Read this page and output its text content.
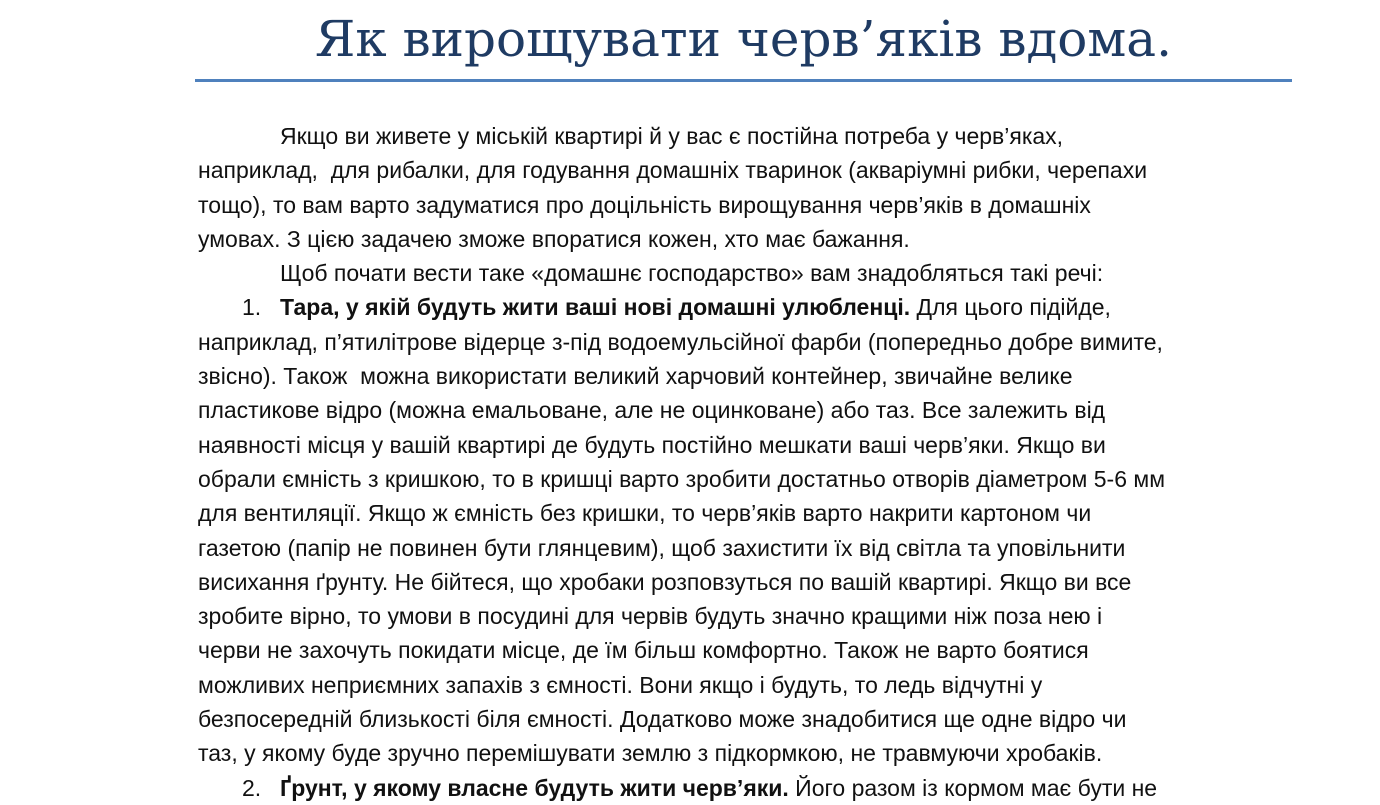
Як вирощувати черв’яків вдома.
Якщо ви живете у міській квартирі й у вас є постійна потреба у черв’яках,
наприклад,  для рибалки, для годування домашніх тваринок (акваріумні рибки, черепахи
тощо), то вам варто задуматися про доцільність вирощування черв’яків в домашніх
умовах. З цією задачею зможе впоратися кожен, хто має бажання.
Щоб почати вести таке «домашнє господарство» вам знадобляться такі речі:
1. Тара, у якій будуть жити ваші нові домашні улюбленці. Для цього підійде,
наприклад, п’ятилітрове відерце з-під водоемульсійної фарби (попередньо добре вимите,
звісно). Також  можна використати великий харчовий контейнер, звичайне велике
пластикове відро (можна емальоване, але не оцинковане) або таз. Все залежить від
наявності місця у вашій квартирі де будуть постійно мешкати ваші черв’яки. Якщо ви
обрали ємність з кришкою, то в кришці варто зробити достатньо отворів діаметром 5-6 мм
для вентиляції. Якщо ж ємність без кришки, то черв’яків варто накрити картоном чи
газетою (папір не повинен бути глянцевим), щоб захистити їх від світла та уповільнити
висихання ґрунту. Не бійтеся, що хробаки розповзуться по вашій квартирі. Якщо ви все
зробите вірно, то умови в посудині для червів будуть значно кращими ніж поза нею і
черви не захочуть покидати місце, де їм більш комфортно. Також не варто боятися
можливих неприємних запахів з ємності. Вони якщо і будуть, то ледь відчутні у
безпосередній близькості біля ємності. Додатково може знадобитися ще одне відро чи
таз, у якому буде зручно перемішувати землю з підкормкою, не травмуючи хробаків.
2. Ґрунт, у якому власне будуть жити черв’яки. Його разом із кормом має бути не
